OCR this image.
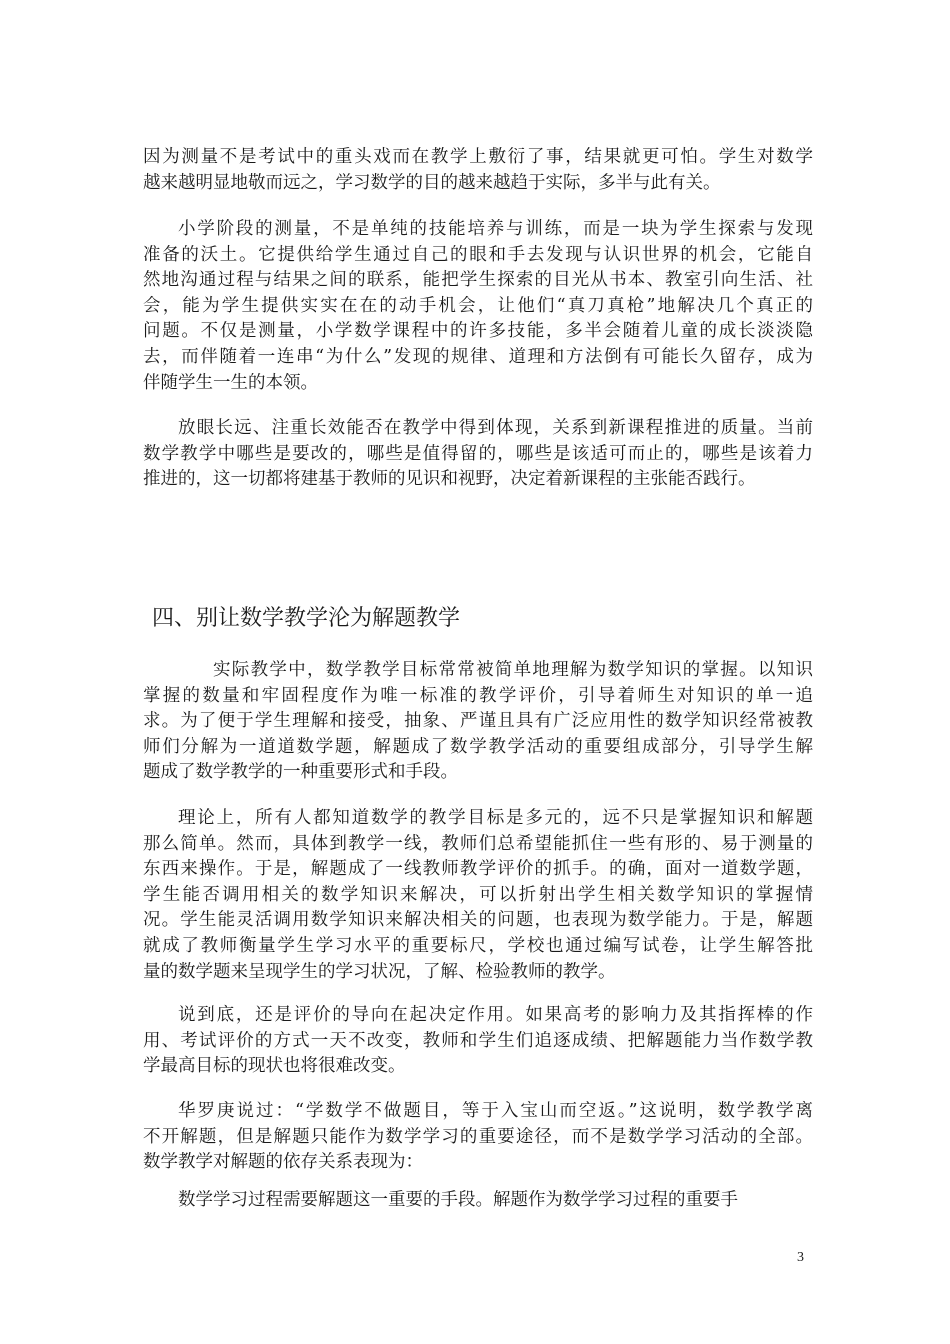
因为测量不是考试中的重头戏而在教学上敷衍了事，结果就更可怕。学生对数学
越来越明显地敬而远之，学习数学的目的越来越趋于实际，多半与此有关。
小学阶段的测量，不是单纯的技能培养与训练，而是一块为学生探索与发现
准备的沃土。它提供给学生通过自己的眼和手去发现与认识世界的机会，它能自
然地沟通过程与结果之间的联系，能把学生探索的目光从书本、教室引向生活、社
会，能为学生提供实实在在的动手机会，让他们“真刀真枪”地解决几个真正的
问题。不仅是测量，小学数学课程中的许多技能，多半会随着儿童的成长淡淡隐
去，而伴随着一连串“为什么”发现的规律、道理和方法倒有可能长久留存，成为
伴随学生一生的本领。
放眼长远、注重长效能否在教学中得到体现，关系到新课程推进的质量。当前
数学教学中哪些是要改的，哪些是值得留的，哪些是该适可而止的，哪些是该着力
推进的，这一切都将建基于教师的见识和视野，决定着新课程的主张能否践行。
四、别让数学教学沦为解题教学
实际教学中，数学教学目标常常被简单地理解为数学知识的掌握。以知识
掌握的数量和牢固程度作为唯一标准的教学评价，引导着师生对知识的单一追
求。为了便于学生理解和接受，抽象、严谨且具有广泛应用性的数学知识经常被教
师们分解为一道道数学题，解题成了数学教学活动的重要组成部分，引导学生解
题成了数学教学的一种重要形式和手段。
理论上，所有人都知道数学的教学目标是多元的，远不只是掌握知识和解题
那么简单。然而，具体到教学一线，教师们总希望能抓住一些有形的、易于测量的
东西来操作。于是，解题成了一线教师教学评价的抓手。的确，面对一道数学题，
学生能否调用相关的数学知识来解决，可以折射出学生相关数学知识的掌握情
况。学生能灵活调用数学知识来解决相关的问题，也表现为数学能力。于是，解题
就成了教师衡量学生学习水平的重要标尺，学校也通过编写试卷，让学生解答批
量的数学题来呈现学生的学习状况，了解、检验教师的教学。
说到底，还是评价的导向在起决定作用。如果高考的影响力及其指挥棒的作
用、考试评价的方式一天不改变，教师和学生们追逐成绩、把解题能力当作数学教
学最高目标的现状也将很难改变。
华罗庚说过：“学数学不做题目，等于入宝山而空返。”这说明，数学教学离
不开解题，但是解题只能作为数学学习的重要途径，而不是数学学习活动的全部。
数学教学对解题的依存关系表现为：
数学学习过程需要解题这一重要的手段。解题作为数学学习过程的重要手
3
